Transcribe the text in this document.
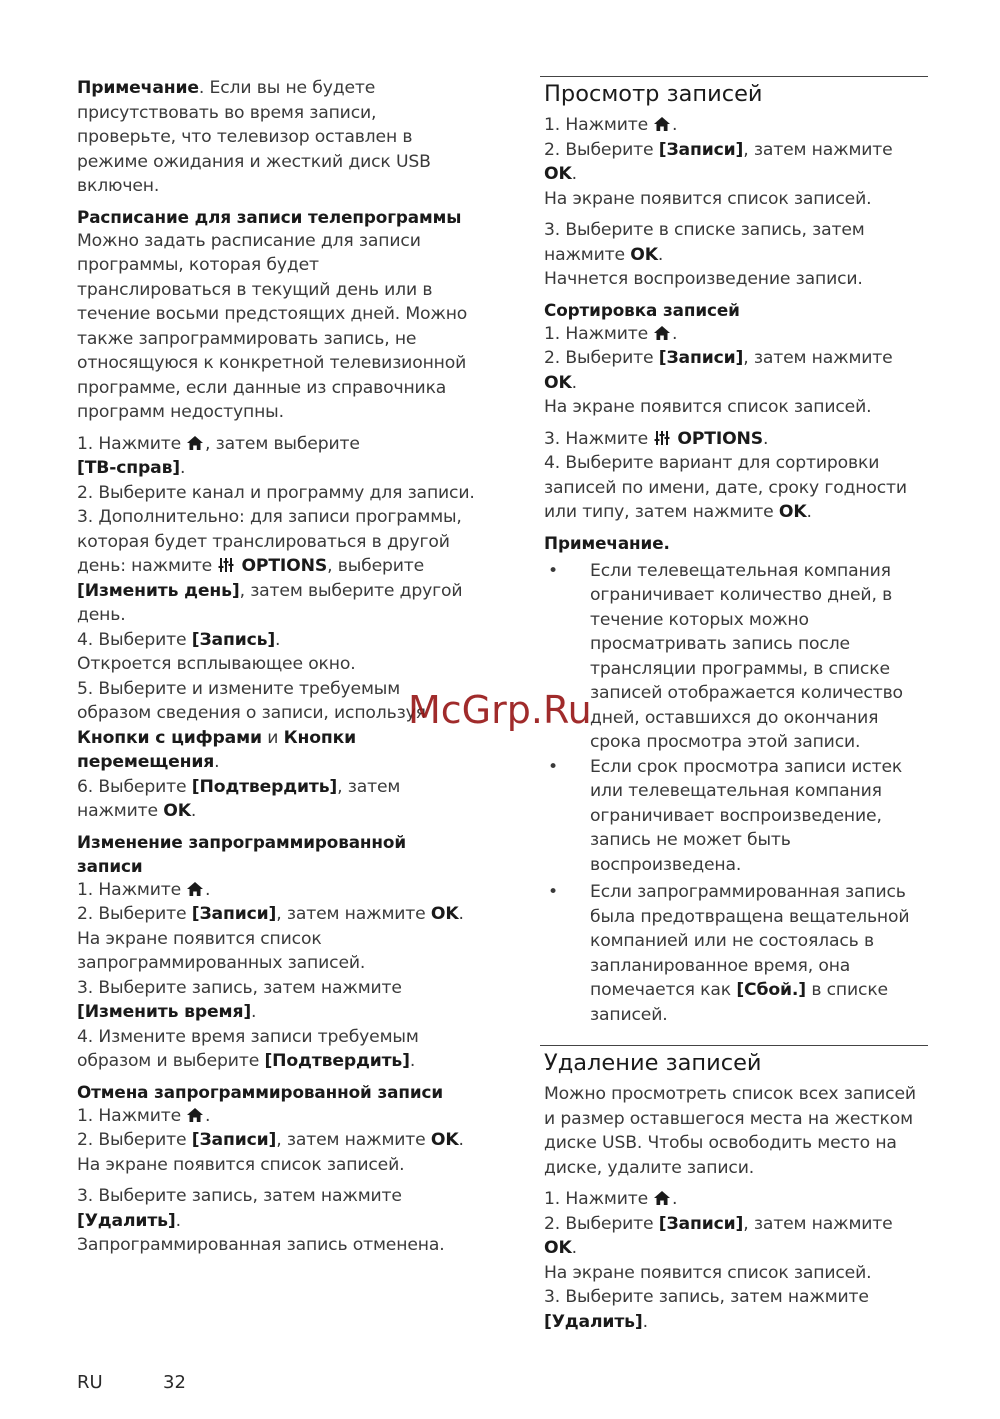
Примечание. Если вы не будете присутствовать во время записи, проверьте, что телевизор оставлен в режиме ожидания и жесткий диск USB включен.

Расписание для записи телепрограммы

Можно задать расписание для записи программы, которая будет транслироваться в текущий день или в течение восьми предстоящих дней. Можно также запрограммировать запись, не относящуюся к конкретной телевизионной программе, если данные из справочника программ недоступны.

1. Нажмите , затем выберите
[ТВ-справ].

2. Выберите канал и программу для записи.

3. Дополнительно: для записи программы, которая будет транслироваться в другой день: нажмите OPTIONS, выберите
[Изменить день], затем выберите другой день.

4. Выберите [Запись].

Откроется всплывающее окно.

5. Выберите и измените требуемым образом сведения о записи, используя
Кнопки с цифрами и Кнопки перемещения.

6. Выберите [Подтвердить], затем нажмите OK.

Изменение запрограммированной записи

1. Нажмите .

2. Выберите [Записи], затем нажмите OK.

На экране появится список запрограммированных записей.

3. Выберите запись, затем нажмите
[Изменить время].

4. Измените время записи требуемым образом и выберите [Подтвердить].

Отмена запрограммированной записи

1. Нажмите .

2. Выберите [Записи], затем нажмите OK.

На экране появится список записей.

3. Выберите запись, затем нажмите
[Удалить].

Запрограммированная запись отменена.

Просмотр записей

1. Нажмите .

2. Выберите [Записи], затем нажмите OK.

На экране появится список записей.

3. Выберите в списке запись, затем нажмите OK.

Начнется воспроизведение записи.

Сортировка записей

1. Нажмите .

2. Выберите [Записи], затем нажмите OK.

На экране появится список записей.

3. Нажмите OPTIONS.

4. Выберите вариант для сортировки записей по имени, дате, сроку годности или типу, затем нажмите OK.

Примечание.

• Если телевещательная компания ограничивает количество дней, в течение которых можно просматривать запись после трансляции программы, в списке записей отображается количество дней, оставшихся до окончания срока просмотра этой записи.
• Если срок просмотра записи истек или телевещательная компания ограничивает воспроизведение, запись не может быть воспроизведена.
• Если запрограммированная запись была предотвращена вещательной компанией или не состоялась в запланированное время, она помечается как [Сбой.] в списке записей.
Удаление записей

Можно просмотреть список всех записей и размер оставшегося места на жестком диске USB. Чтобы освободить место на диске, удалите записи.

1. Нажмите .

2. Выберите [Записи], затем нажмите OK.

На экране появится список записей.

3. Выберите запись, затем нажмите
[Удалить].

McGrp.Ru
RU	32
